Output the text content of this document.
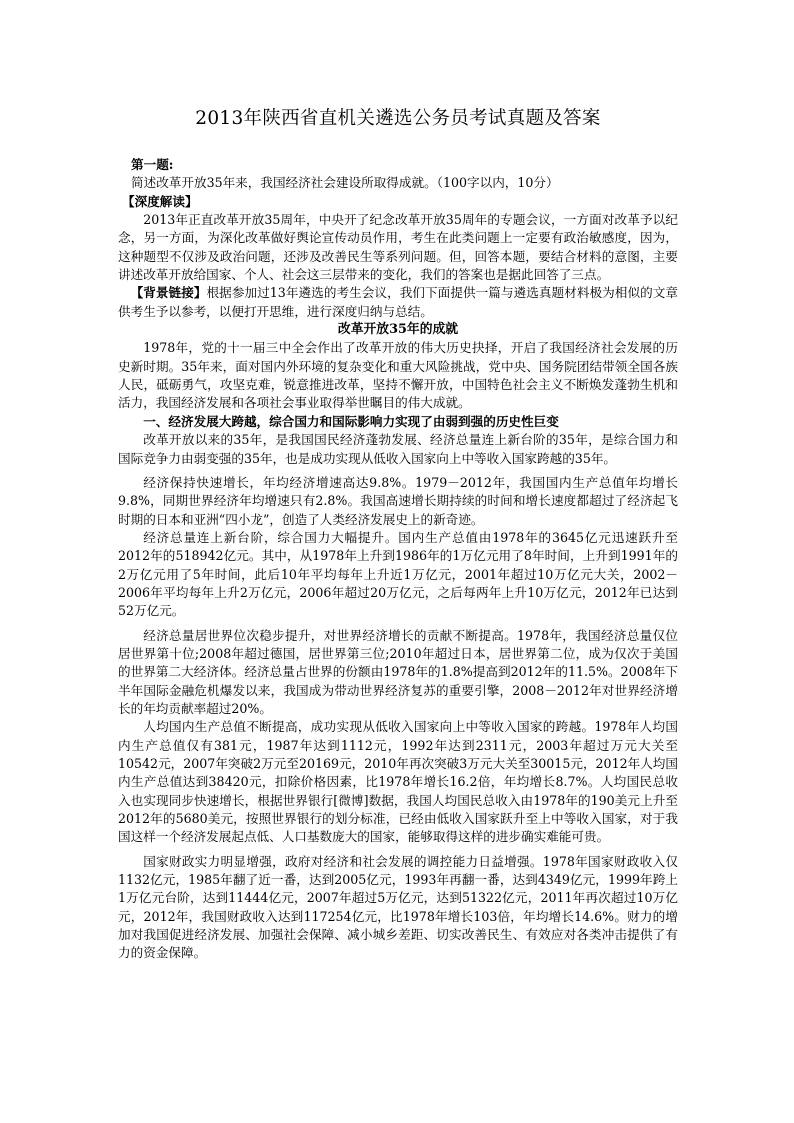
2013年陕西省直机关遴选公务员考试真题及答案

第一题:

简述改革开放35年来，我国经济社会建设所取得成就。（100字以内，10分）

【深度解读】

2013年正直改革开放35周年，中央开了纪念改革开放35周年的专题会议，一方面对改革予以纪念，另一方面，为深化改革做好舆论宣传动员作用，考生在此类问题上一定要有政治敏感度，因为，这种题型不仅涉及政治问题，还涉及改善民生等系列问题。但，回答本题，要结合材料的意图，主要讲述改革开放给国家、个人、社会这三层带来的变化，我们的答案也是据此回答了三点。

【背景链接】根据参加过13年遴选的考生会议，我们下面提供一篇与遴选真题材料极为相似的文章供考生予以参考，以便打开思维，进行深度归纳与总结。

改革开放35年的成就

1978年，党的十一届三中全会作出了改革开放的伟大历史抉择，开启了我国经济社会发展的历史新时期。35年来，面对国内外环境的复杂变化和重大风险挑战，党中央、国务院团结带领全国各族人民，砥砺勇气，攻坚克难，锐意推进改革，坚持不懈开放，中国特色社会主义不断焕发蓬勃生机和活力，我国经济发展和各项社会事业取得举世瞩目的伟大成就。

一、经济发展大跨越，综合国力和国际影响力实现了由弱到强的历史性巨变

改革开放以来的35年，是我国国民经济蓬勃发展、经济总量连上新台阶的35年，是综合国力和国际竞争力由弱变强的35年，也是成功实现从低收入国家向上中等收入国家跨越的35年。

经济保持快速增长，年均经济增速高达9.8%。1979－2012年，我国国内生产总值年均增长9.8%，同期世界经济年均增速只有2.8%。我国高速增长期持续的时间和增长速度都超过了经济起飞时期的日本和亚洲“四小龙”，创造了人类经济发展史上的新奇迹。

经济总量连上新台阶，综合国力大幅提升。国内生产总值由1978年的3645亿元迅速跃升至2012年的518942亿元。其中，从1978年上升到1986年的1万亿元用了8年时间，上升到1991年的2万亿元用了5年时间，此后10年平均每年上升近1万亿元，2001年超过10万亿元大关，2002－2006年平均每年上升2万亿元，2006年超过20万亿元，之后每两年上升10万亿元，2012年已达到52万亿元。

经济总量居世界位次稳步提升，对世界经济增长的贡献不断提高。1978年，我国经济总量仅位居世界第十位;2008年超过德国，居世界第三位;2010年超过日本，居世界第二位，成为仅次于美国的世界第二大经济体。经济总量占世界的份额由1978年的1.8%提高到2012年的11.5%。2008年下半年国际金融危机爆发以来，我国成为带动世界经济复苏的重要引擎，2008－2012年对世界经济增长的年均贡献率超过20%。

人均国内生产总值不断提高，成功实现从低收入国家向上中等收入国家的跨越。1978年人均国内生产总值仅有381元，1987年达到1112元，1992年达到2311元，2003年超过万元大关至10542元，2007年突破2万元至20169元，2010年再次突破3万元大关至30015元，2012年人均国内生产总值达到38420元，扣除价格因素，比1978年增长16.2倍，年均增长8.7%。人均国民总收入也实现同步快速增长，根据世界银行[微博]数据，我国人均国民总收入由1978年的190美元上升至2012年的5680美元，按照世界银行的划分标准，已经由低收入国家跃升至上中等收入国家，对于我国这样一个经济发展起点低、人口基数庞大的国家，能够取得这样的进步确实难能可贵。

国家财政实力明显增强，政府对经济和社会发展的调控能力日益增强。1978年国家财政收入仅1132亿元，1985年翻了近一番，达到2005亿元，1993年再翻一番，达到4349亿元，1999年跨上1万亿元台阶，达到11444亿元，2007年超过5万亿元，达到51322亿元，2011年再次超过10万亿元，2012年，我国财政收入达到117254亿元，比1978年增长103倍，年均增长14.6%。财力的增加对我国促进经济发展、加强社会保障、减小城乡差距、切实改善民生、有效应对各类冲击提供了有力的资金保障。
